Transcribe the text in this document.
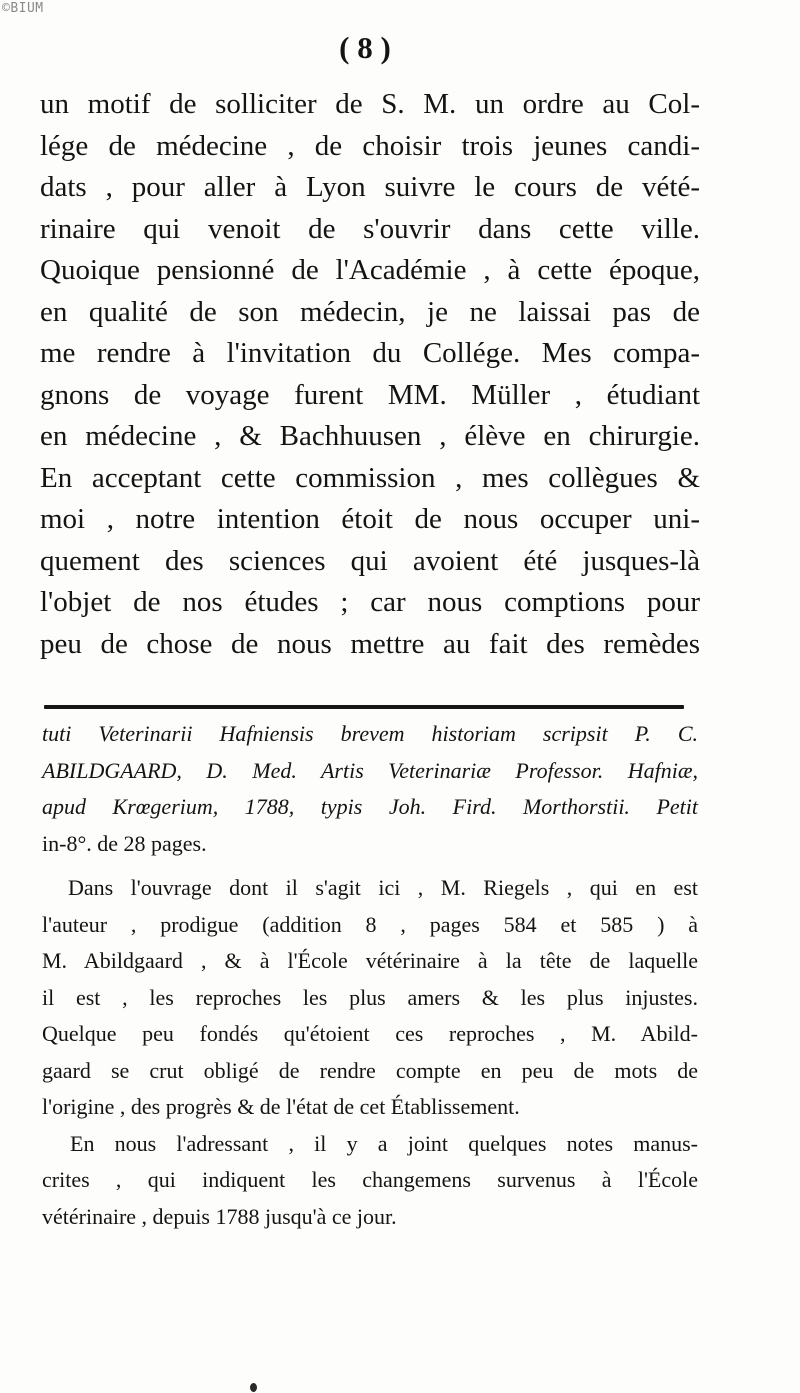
©BIUM
( 8 )
un motif de solliciter de S. M. un ordre au Col-
lége de médecine , de choisir trois jeunes candi-
dats , pour aller à Lyon suivre le cours de vété-
rinaire qui venoit de s'ouvrir dans cette ville.
Quoique pensionné de l'Académie , à cette époque,
en qualité de son médecin, je ne laissai pas de
me rendre à l'invitation du Collége. Mes compa-
gnons de voyage furent MM. Müller , étudiant
en médecine , & Bachhuusen , élève en chirurgie.
En acceptant cette commission , mes collègues &
moi , notre intention étoit de nous occuper uni-
quement des sciences qui avoient été jusques-là
l'objet de nos études ; car nous comptions pour
peu de chose de nous mettre au fait des remèdes
tuti Veterinarii Hafniensis brevem historiam scripsit P. C.
ABILDGAARD, D. Med. Artis Veterinariæ Professor. Hafniæ,
apud Krœgerium, 1788, typis Joh. Fird. Morthorstii. Petit
in-8°. de 28 pages.
Dans l'ouvrage dont il s'agit ici , M. Riegels , qui en est
l'auteur , prodigue (addition 8 , pages 584 et 585 ) à
M. Abildgaard , & à l'École vétérinaire à la tête de laquelle
il est , les reproches les plus amers & les plus injustes.
Quelque peu fondés qu'étoient ces reproches , M. Abild-
gaard se crut obligé de rendre compte en peu de mots de
l'origine , des progrès & de l'état de cet Établissement.
En nous l'adressant , il y a joint quelques notes manus-
crites , qui indiquent les changemens survenus à l'École
vétérinaire , depuis 1788 jusqu'à ce jour.
